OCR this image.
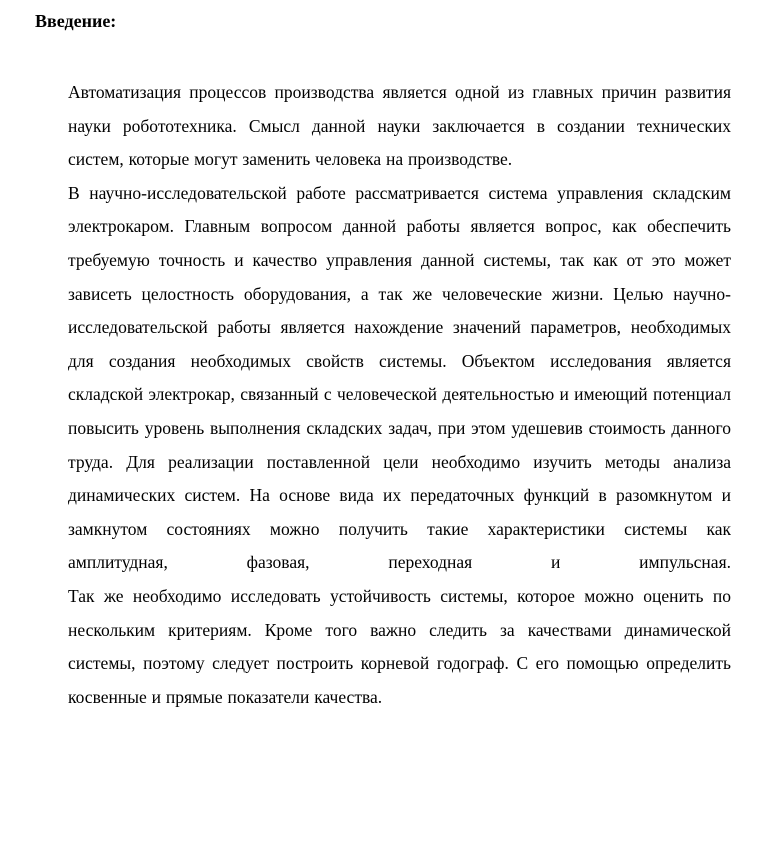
Введение:

Автоматизация процессов производства является одной из главных причин развития науки робототехника. Смысл данной науки заключается в создании технических систем, которые могут заменить человека на производстве.

В научно-исследовательской работе рассматривается система управления складским электрокаром. Главным вопросом данной работы является вопрос, как обеспечить требуемую точность и качество управления данной системы, так как от это может зависеть целостность оборудования, а так же человеческие жизни. Целью научно-исследовательской работы является нахождение значений параметров, необходимых для создания необходимых свойств системы. Объектом исследования является складской электрокар, связанный с человеческой деятельностью и имеющий потенциал повысить уровень выполнения складских задач, при этом удешевив стоимость данного труда. Для реализации поставленной цели необходимо изучить методы анализа динамических систем. На основе вида их передаточных функций в разомкнутом и замкнутом состояниях можно получить такие характеристики системы как амплитудная, фазовая, переходная и импульсная.

Так же необходимо исследовать устойчивость системы, которое можно оценить по нескольким критериям. Кроме того важно следить за качествами динамической системы, поэтому следует построить корневой годограф. С его помощью определить косвенные и прямые показатели качества.
